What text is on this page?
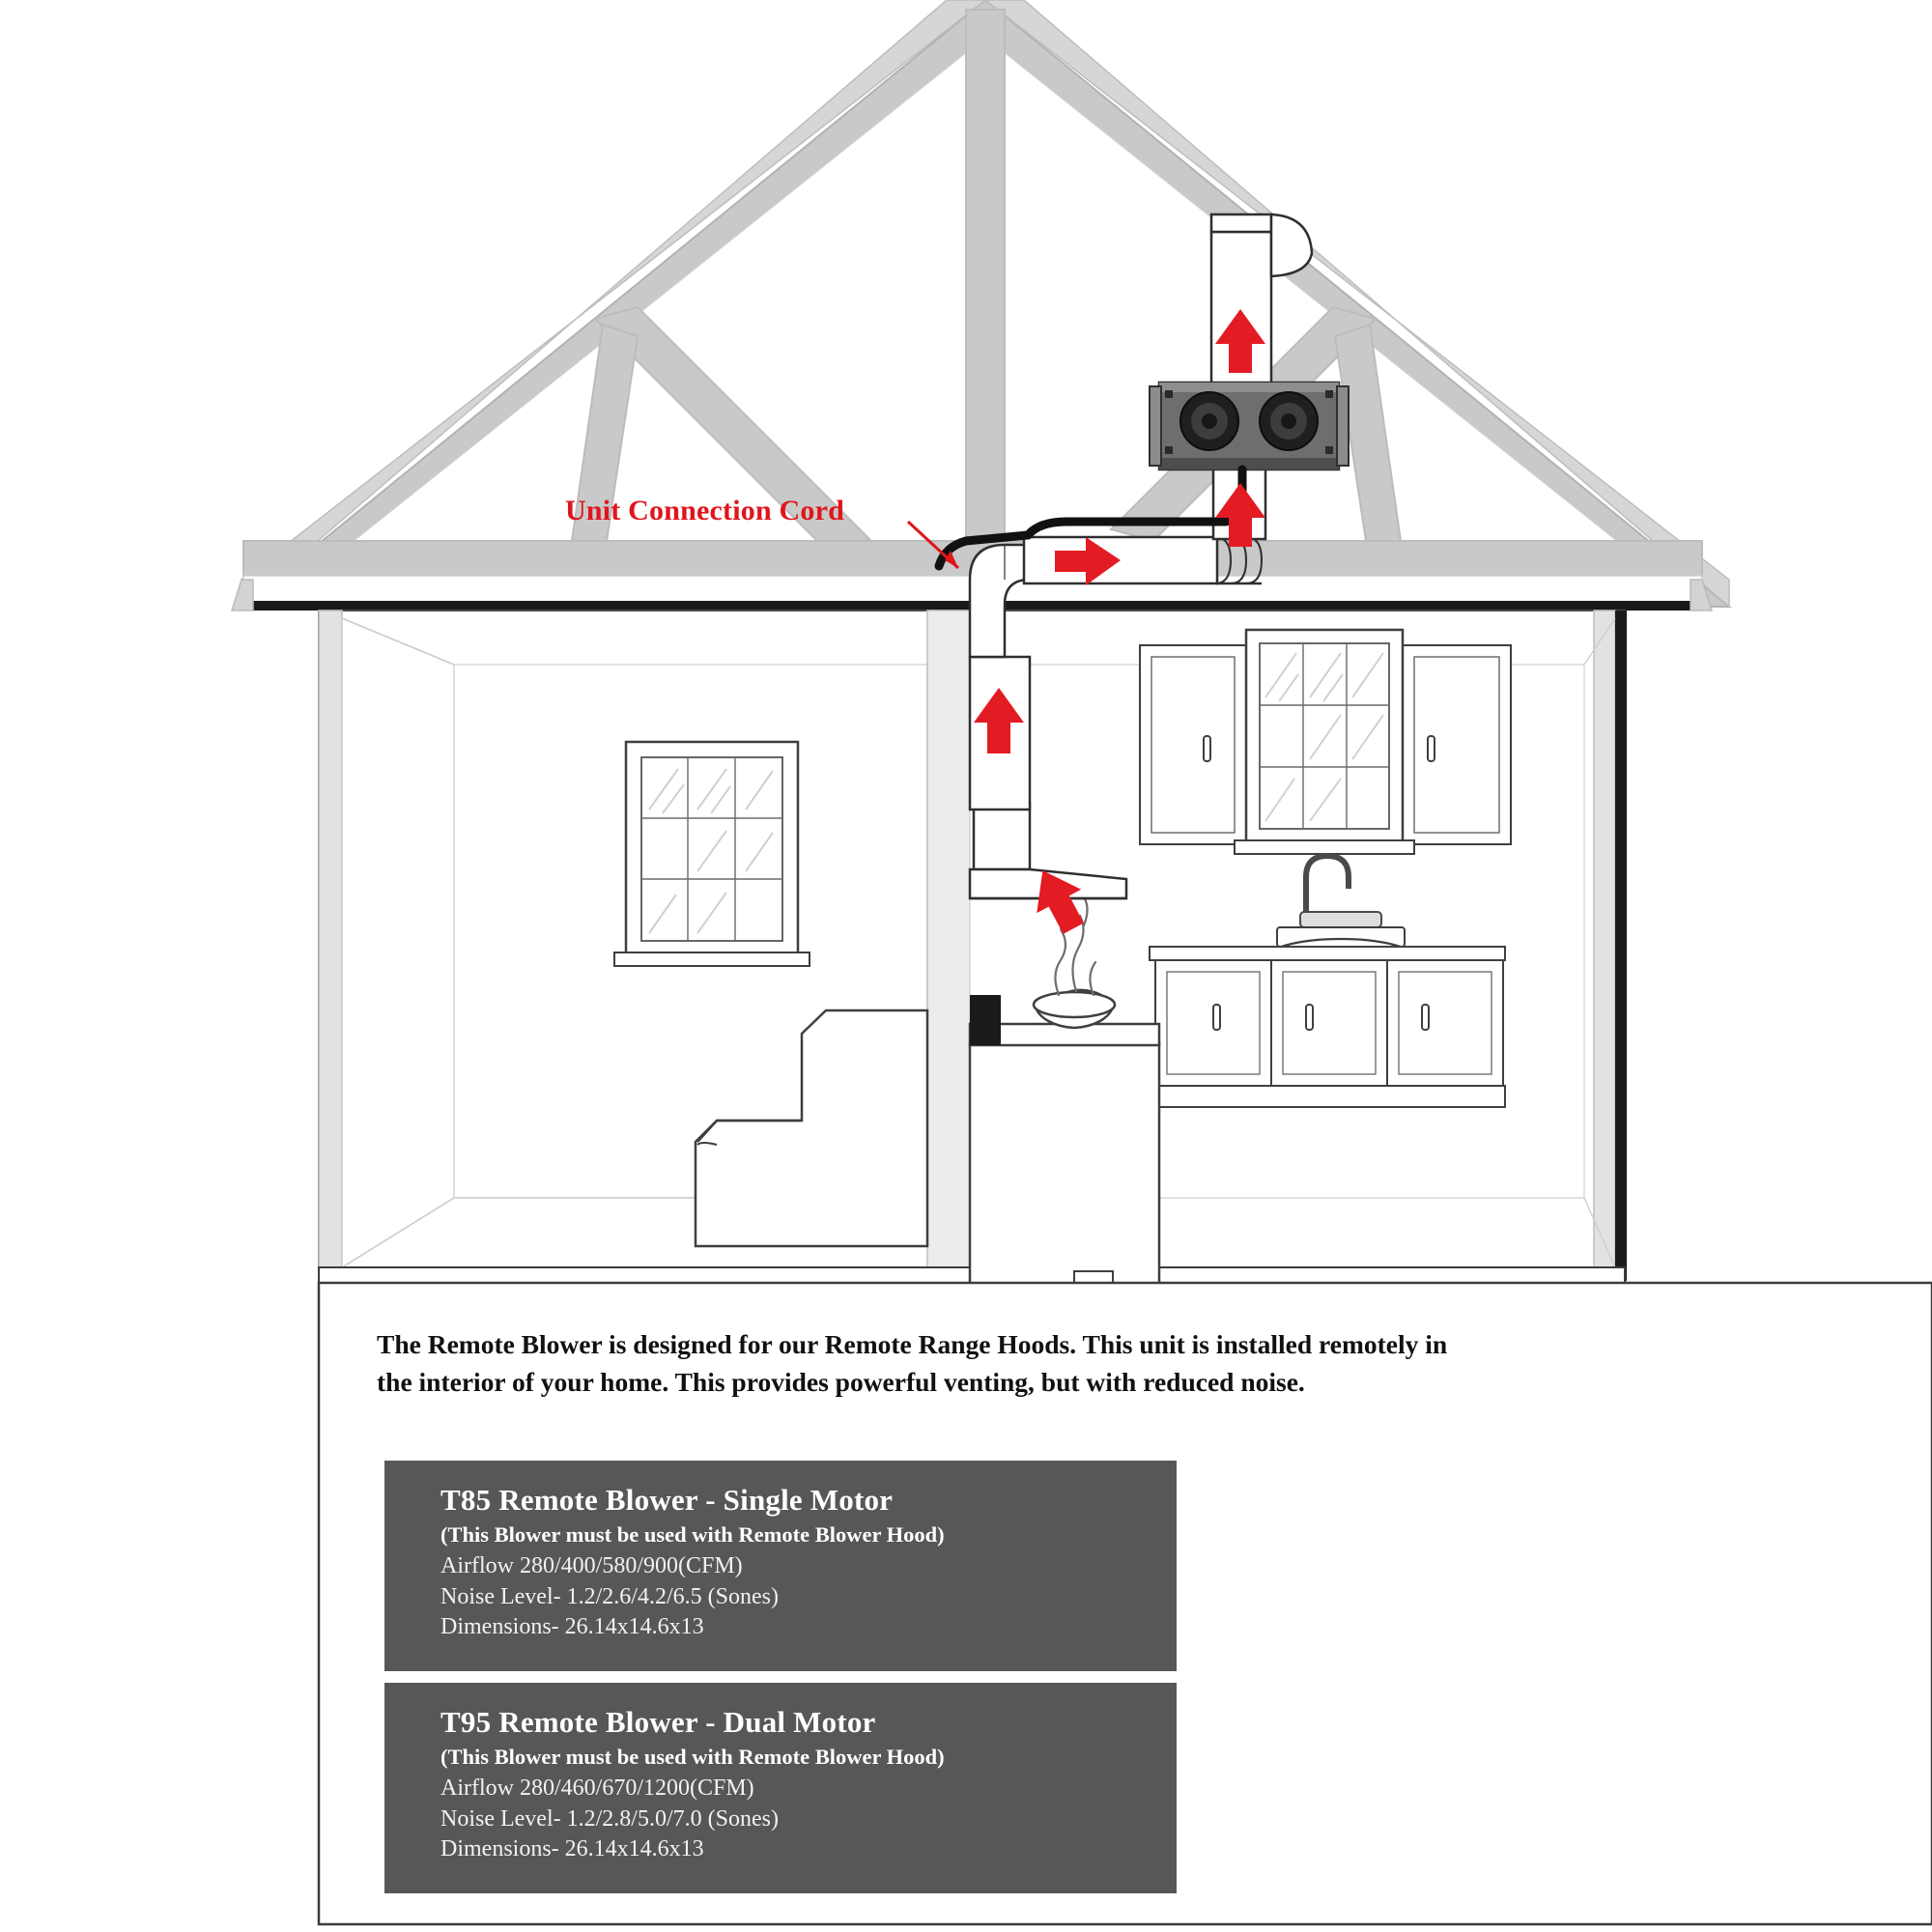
Unit Connection Cord
The Remote Blower is designed for our Remote Range Hoods. This unit is installed remotely in the interior of your home. This provides powerful venting, but with reduced noise.
T85 Remote Blower - Single Motor
(This Blower must be used with Remote Blower Hood)
Airflow 280/400/580/900(CFM)
Noise Level- 1.2/2.6/4.2/6.5 (Sones)
Dimensions- 26.14x14.6x13
T95 Remote Blower - Dual Motor
(This Blower must be used with Remote Blower Hood)
Airflow 280/460/670/1200(CFM)
Noise Level- 1.2/2.8/5.0/7.0 (Sones)
Dimensions- 26.14x14.6x13
